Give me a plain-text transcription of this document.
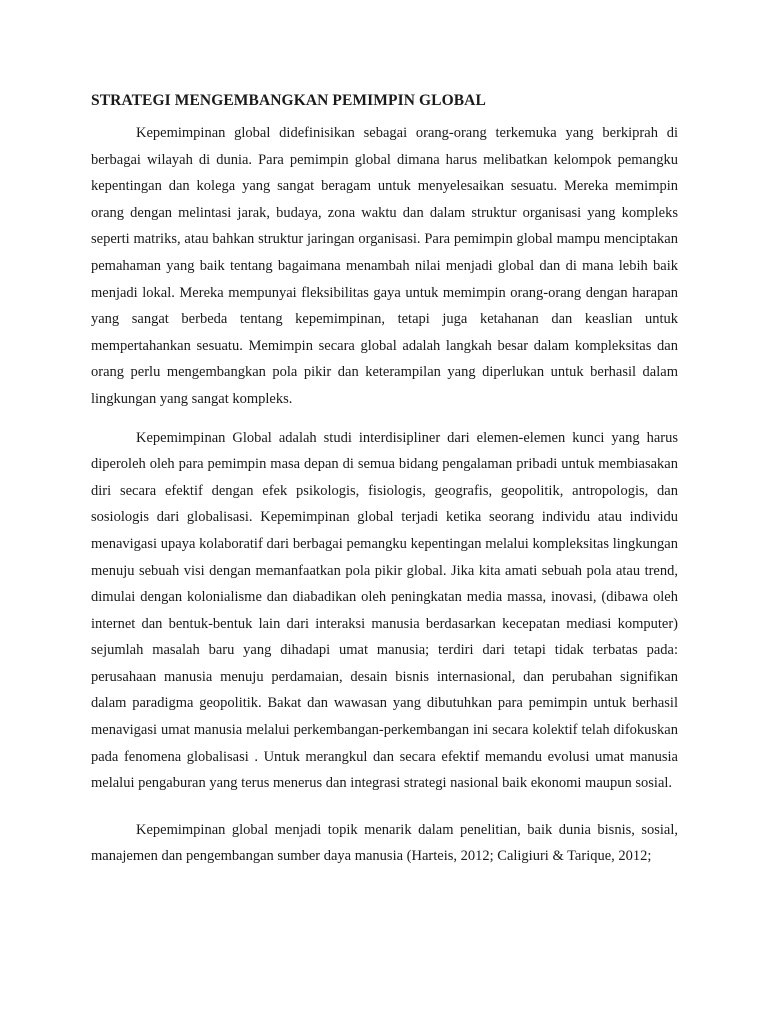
STRATEGI MENGEMBANGKAN PEMIMPIN GLOBAL

Kepemimpinan global didefinisikan sebagai orang-orang terkemuka yang berkiprah di berbagai wilayah di dunia. Para pemimpin global dimana harus melibatkan kelompok pemangku kepentingan dan kolega yang sangat beragam untuk menyelesaikan sesuatu. Mereka memimpin orang dengan melintasi jarak, budaya, zona waktu dan dalam struktur organisasi yang kompleks seperti matriks, atau bahkan struktur jaringan organisasi. Para pemimpin global mampu menciptakan pemahaman yang baik tentang bagaimana menambah nilai menjadi global dan di mana lebih baik menjadi lokal. Mereka mempunyai fleksibilitas gaya untuk memimpin orang-orang dengan harapan yang sangat berbeda tentang kepemimpinan, tetapi juga ketahanan dan keaslian untuk mempertahankan sesuatu. Memimpin secara global adalah langkah besar dalam kompleksitas dan orang perlu mengembangkan pola pikir dan keterampilan yang diperlukan untuk berhasil dalam lingkungan yang sangat kompleks.

Kepemimpinan Global adalah studi interdisipliner dari elemen-elemen kunci yang harus diperoleh oleh para pemimpin masa depan di semua bidang pengalaman pribadi untuk membiasakan diri secara efektif dengan efek psikologis, fisiologis, geografis, geopolitik, antropologis, dan sosiologis dari globalisasi. Kepemimpinan global terjadi ketika seorang individu atau individu menavigasi upaya kolaboratif dari berbagai pemangku kepentingan melalui kompleksitas lingkungan menuju sebuah visi dengan memanfaatkan pola pikir global. Jika kita amati sebuah pola atau trend, dimulai dengan kolonialisme dan diabadikan oleh peningkatan media massa, inovasi, (dibawa oleh internet dan bentuk-bentuk lain dari interaksi manusia berdasarkan kecepatan mediasi komputer) sejumlah masalah baru yang dihadapi umat manusia; terdiri dari tetapi tidak terbatas pada: perusahaan manusia menuju perdamaian, desain bisnis internasional, dan perubahan signifikan dalam paradigma geopolitik. Bakat dan wawasan yang dibutuhkan para pemimpin untuk berhasil menavigasi umat manusia melalui perkembangan-perkembangan ini secara kolektif telah difokuskan pada fenomena globalisasi . Untuk merangkul dan secara efektif memandu evolusi umat manusia melalui pengaburan yang terus menerus dan integrasi strategi nasional baik ekonomi maupun sosial.

Kepemimpinan global menjadi topik menarik dalam penelitian, baik dunia bisnis, sosial, manajemen dan pengembangan sumber daya manusia (Harteis, 2012; Caligiuri & Tarique, 2012;
